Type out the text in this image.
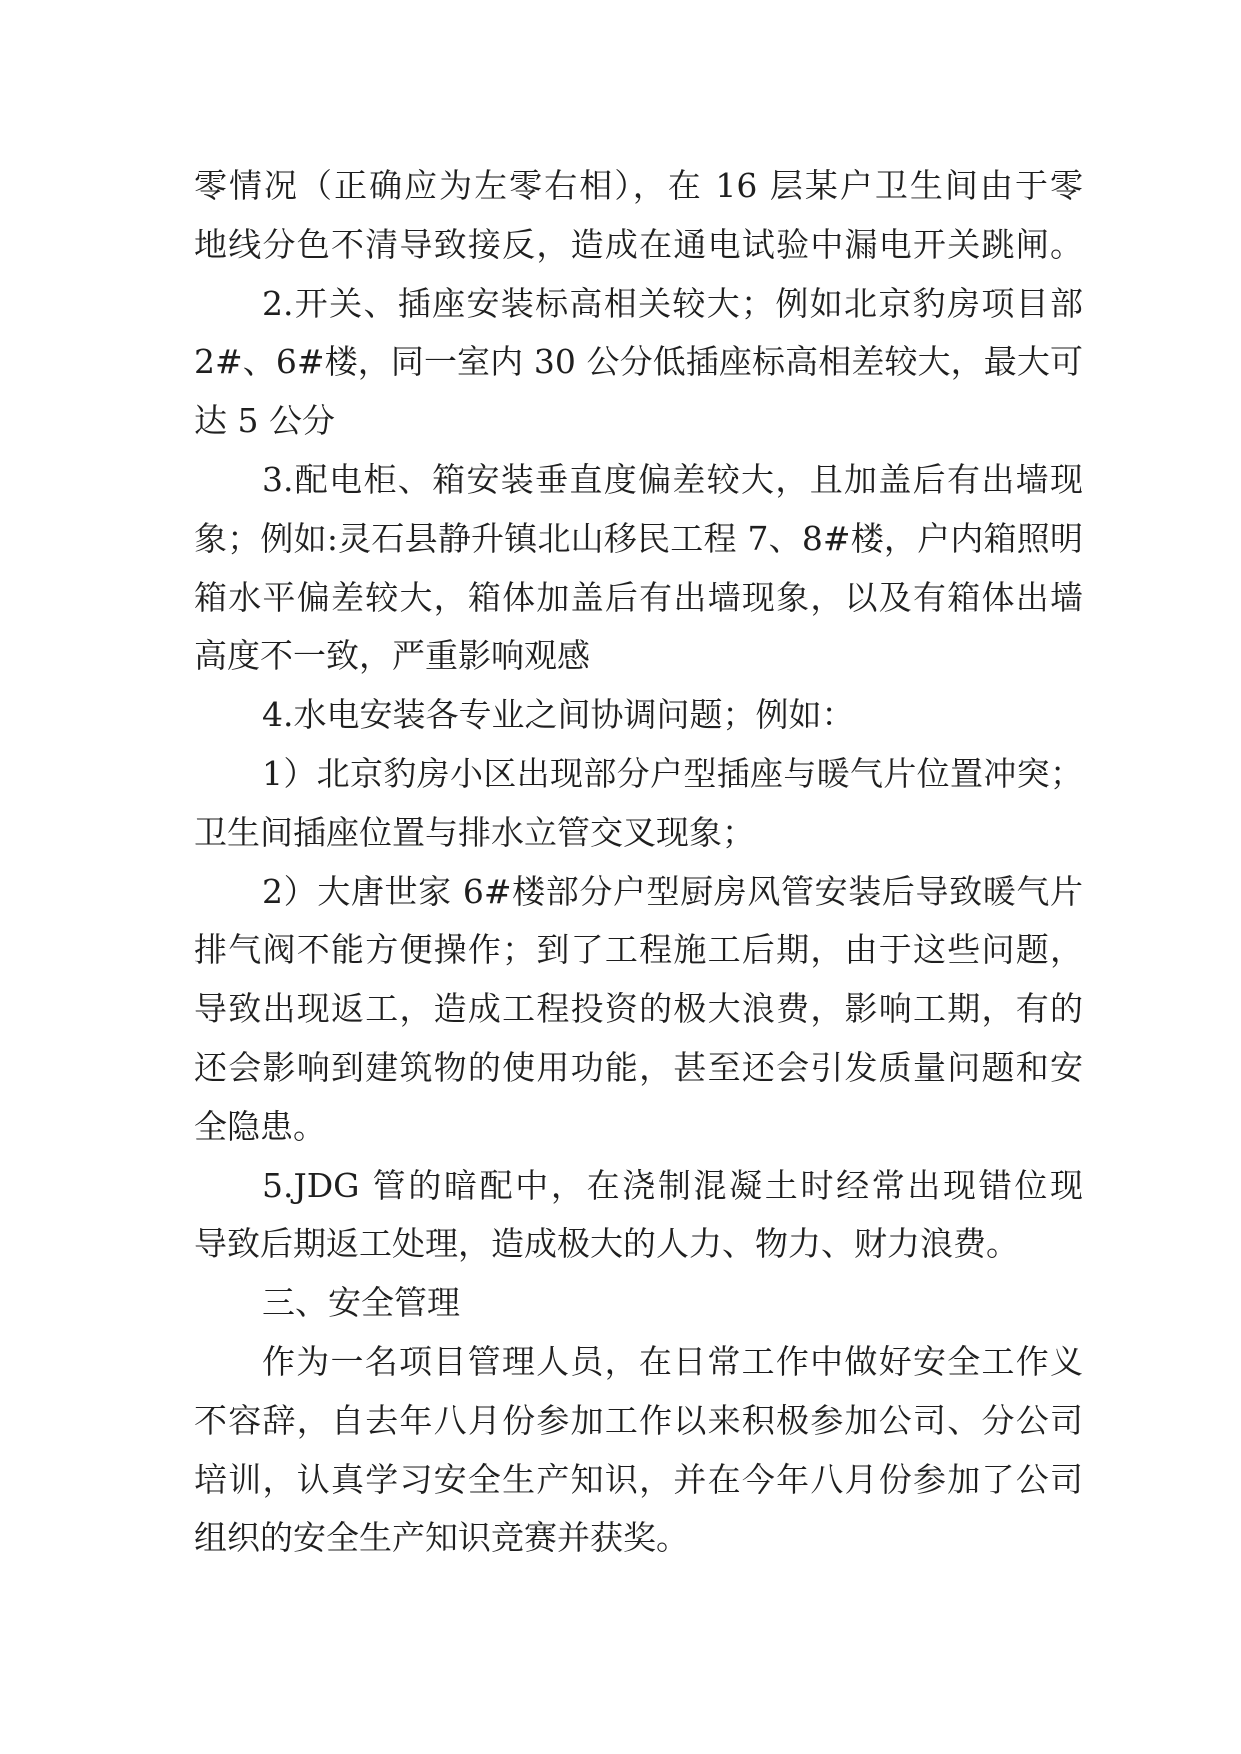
零情况（正确应为左零右相），在 16 层某户卫生间由于零
地线分色不清导致接反，造成在通电试验中漏电开关跳闸。
2.开关、插座安装标高相关较大；例如北京豹房项目部
2#、6#楼，同一室内 30 公分低插座标高相差较大，最大可
达 5 公分
3.配电柜、箱安装垂直度偏差较大，且加盖后有出墙现
象；例如:灵石县静升镇北山移民工程 7、8#楼，户内箱照明
箱水平偏差较大，箱体加盖后有出墙现象，以及有箱体出墙
高度不一致，严重影响观感
4.水电安装各专业之间协调问题；例如：
1）北京豹房小区出现部分户型插座与暖气片位置冲突；
卫生间插座位置与排水立管交叉现象；
2）大唐世家 6#楼部分户型厨房风管安装后导致暖气片
排气阀不能方便操作；到了工程施工后期，由于这些问题，
导致出现返工，造成工程投资的极大浪费，影响工期，有的
还会影响到建筑物的使用功能，甚至还会引发质量问题和安
全隐患。
5.JDG 管的暗配中，在浇制混凝土时经常出现错位现
导致后期返工处理，造成极大的人力、物力、财力浪费。
三、安全管理
作为一名项目管理人员，在日常工作中做好安全工作义
不容辞，自去年八月份参加工作以来积极参加公司、分公司
培训，认真学习安全生产知识，并在今年八月份参加了公司
组织的安全生产知识竞赛并获奖。
